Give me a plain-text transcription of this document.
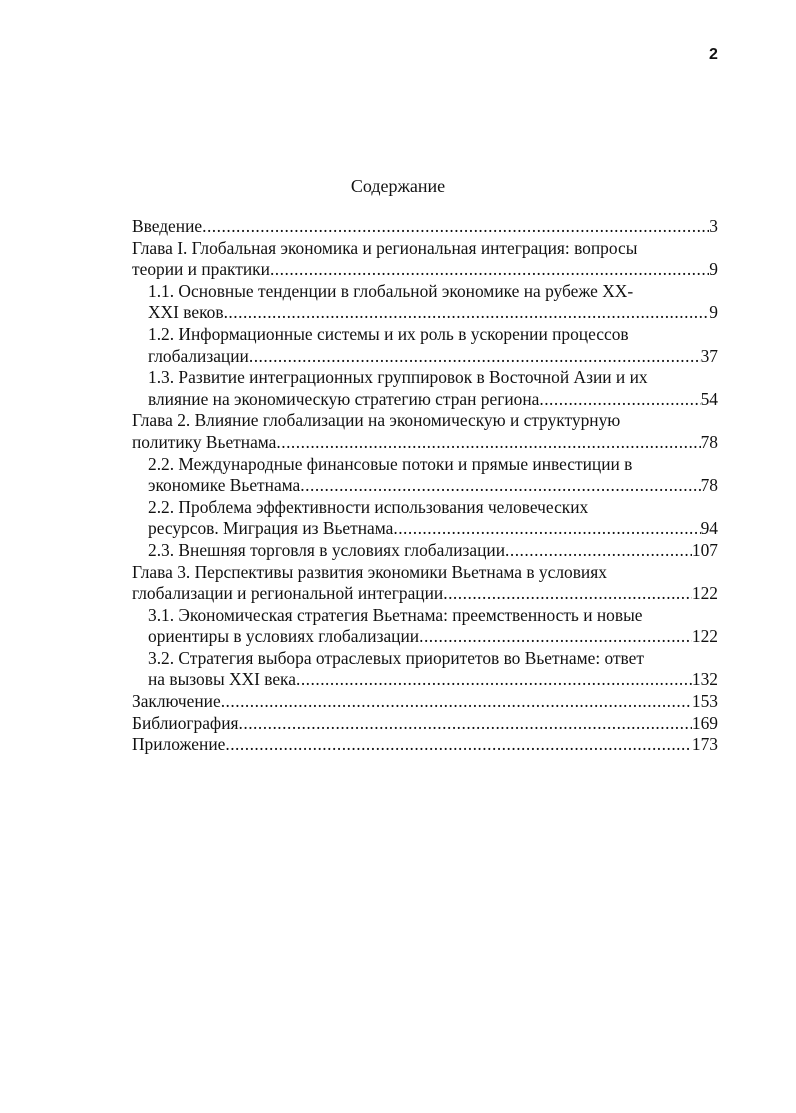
2
Содержание
Введение .....	3
Глава I. Глобальная экономика и региональная интеграция: вопросы
теории и практики .....	9
1.1. Основные тенденции в глобальной экономике на рубеже XX-
XXI веков .....	9
1.2. Информационные системы и их роль в ускорении процессов
глобализации .....	37
1.3. Развитие интеграционных группировок в Восточной Азии и их
влияние на экономическую стратегию стран региона .....	54
Глава 2. Влияние глобализации на экономическую и структурную
политику Вьетнама .....	78
2.2. Международные финансовые потоки и прямые инвестиции в
экономике Вьетнама .....	78
2.2. Проблема эффективности использования человеческих
ресурсов. Миграция из Вьетнама .....	94
2.3. Внешняя торговля в условиях глобализации .....	107
Глава 3. Перспективы развития экономики Вьетнама в условиях
глобализации и региональной интеграции .....	122
3.1. Экономическая стратегия Вьетнама: преемственность и новые
ориентиры в условиях глобализации .....	122
3.2. Стратегия выбора отраслевых приоритетов во Вьетнаме: ответ
на вызовы XXI века .....	132
Заключение .....	153
Библиография .....	169
Приложение .....	173
